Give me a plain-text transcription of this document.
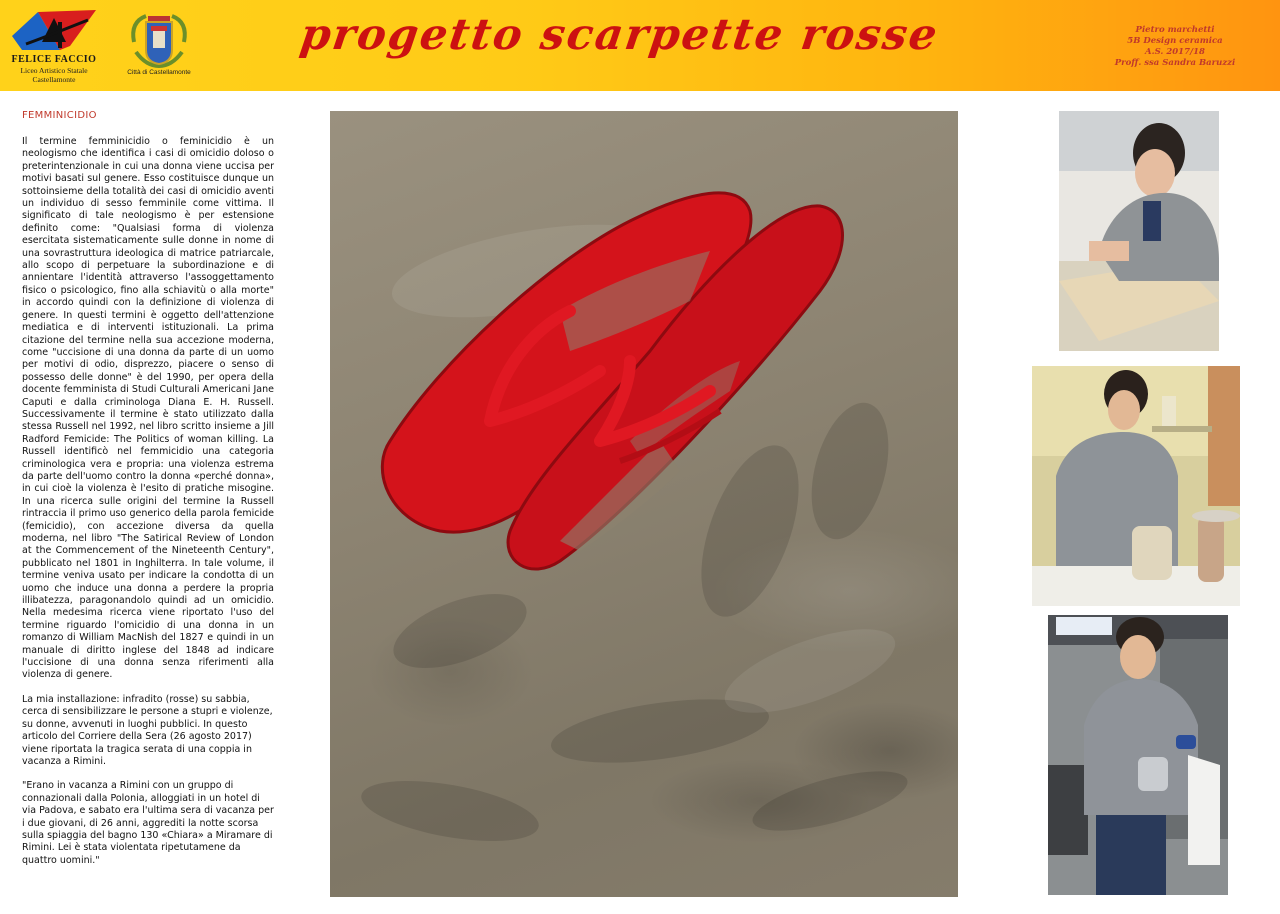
FELICE FACCIO
Liceo Artistico Statale
Castellamonte
Città di Castellamonte
progetto scarpette rosse	Pietro marchetti
5B Design ceramica
A.S. 2017/18
Proff. ssa Sandra Baruzzi
FEMMINICIDIO

Il termine femminicidio o feminicidio è un neologismo che identifica i casi di omicidio doloso o preterintenzionale in cui una donna viene uccisa per motivi basati sul genere. Esso costituisce dunque un sottoinsieme della totalità dei casi di omicidio aventi un individuo di sesso femminile come vittima. Il significato di tale neologismo è per estensione definito come: "Qualsiasi forma di violenza esercitata sistematicamente sulle donne in nome di una sovrastruttura ideologica di matrice patriarcale, allo scopo di perpetuare la subordinazione e di annientare l'identità attraverso l'assoggettamento fisico o psicologico, fino alla schiavitù o alla morte" in accordo quindi con la definizione di violenza di genere. In questi termini è oggetto dell'attenzione mediatica e di interventi istituzionali. La prima citazione del termine nella sua accezione moderna, come "uccisione di una donna da parte di un uomo per motivi di odio, disprezzo, piacere o senso di possesso delle donne" è del 1990, per opera della docente femminista di Studi Culturali Americani Jane Caputi e dalla criminologa Diana E. H. Russell. Successivamente il termine è stato utilizzato dalla stessa Russell nel 1992, nel libro scritto insieme a Jill Radford Femicide: The Politics of woman killing. La Russell identificò nel femmicidio una categoria criminologica vera e propria: una violenza estrema da parte dell'uomo contro la donna «perché donna», in cui cioè la violenza è l'esito di pratiche misogine. In una ricerca sulle origini del termine la Russell rintraccia il primo uso generico della parola femicide (femicidio), con accezione diversa da quella moderna, nel libro "The Satirical Review of London at the Commencement of the Nineteenth Century", pubblicato nel 1801 in Inghilterra. In tale volume, il termine veniva usato per indicare la condotta di un uomo che induce una donna a perdere la propria illibatezza, paragonandolo quindi ad un omicidio. Nella medesima ricerca viene riportato l'uso del termine riguardo l'omicidio di una donna in un romanzo di William MacNish del 1827 e quindi in un manuale di diritto inglese del 1848 ad indicare l'uccisione di una donna senza riferimenti alla violenza di genere.

La mia installazione: infradito (rosse) su sabbia, cerca di sensibilizzare le persone a stupri e violenze, su donne, avvenuti in luoghi pubblici. In questo articolo del Corriere della Sera (26 agosto 2017) viene riportata la tragica serata di una coppia in vacanza a Rimini.

"Erano in vacanza a Rimini con un gruppo di connazionali dalla Polonia, alloggiati in un hotel di via Padova, e sabato era l'ultima sera di vacanza per i due giovani, di 26 anni, aggrediti la notte scorsa sulla spiaggia del bagno 130 «Chiara» a Miramare di Rimini. Lei è stata violentata ripetutamene da quattro uomini."
